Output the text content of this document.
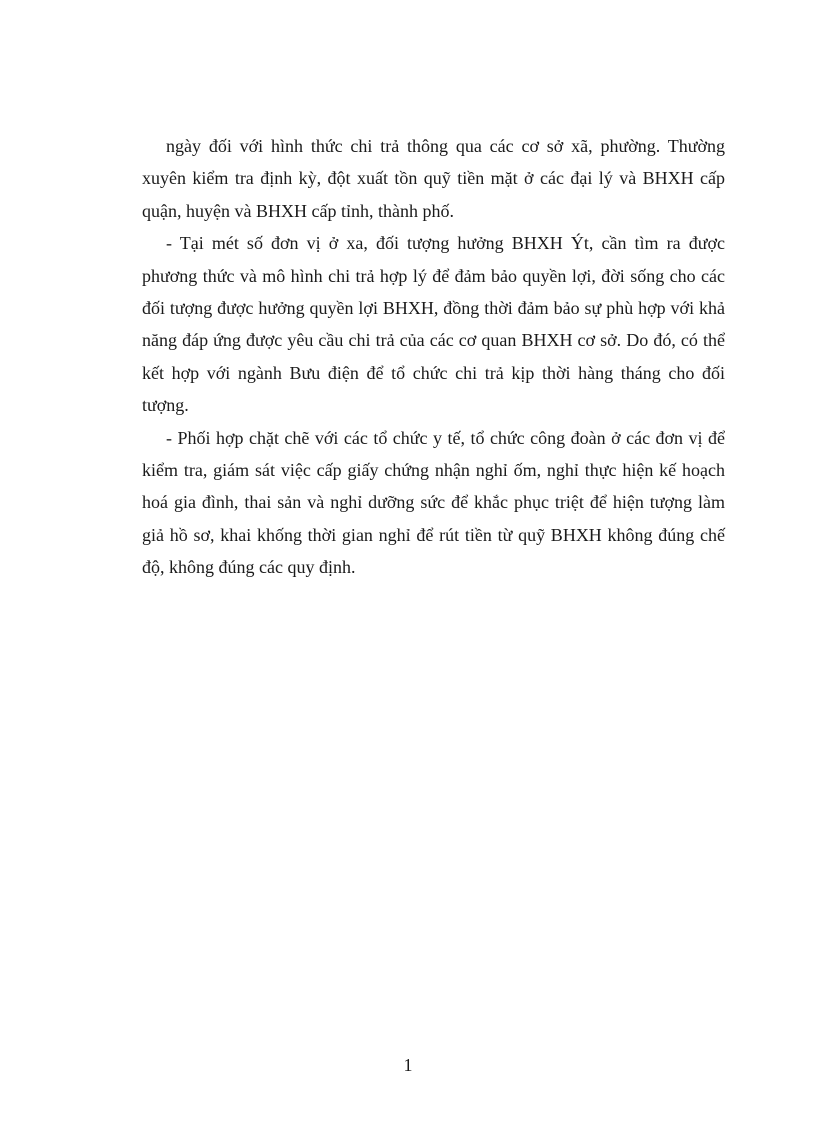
ngày đối với hình thức chi trả thông qua các cơ sở xã, phường. Thường xuyên kiểm tra định kỳ, đột xuất tồn quỹ tiền mặt ở các đại lý và BHXH cấp quận, huyện và BHXH cấp tỉnh, thành phố.

- Tại mét số đơn vị ở xa, đối tượng hưởng BHXH Ýt, cần tìm ra được phương thức và mô hình chi trả hợp lý để đảm bảo quyền lợi, đời sống cho các đối tượng được hưởng quyền lợi BHXH, đồng thời đảm bảo sự phù hợp với khả năng đáp ứng được yêu cầu chi trả của các cơ quan BHXH cơ sở. Do đó, có thể kết hợp với ngành Bưu điện để tổ chức chi trả kịp thời hàng tháng cho đối tượng.

- Phối hợp chặt chẽ với các tổ chức y tế, tổ chức công đoàn ở các đơn vị để kiểm tra, giám sát việc cấp giấy chứng nhận nghỉ ốm, nghỉ thực hiện kế hoạch hoá gia đình, thai sản và nghỉ dưỡng sức để khắc phục triệt để hiện tượng làm giả hồ sơ, khai khống thời gian nghỉ để rút tiền từ quỹ BHXH không đúng chế độ, không đúng các quy định.

1
